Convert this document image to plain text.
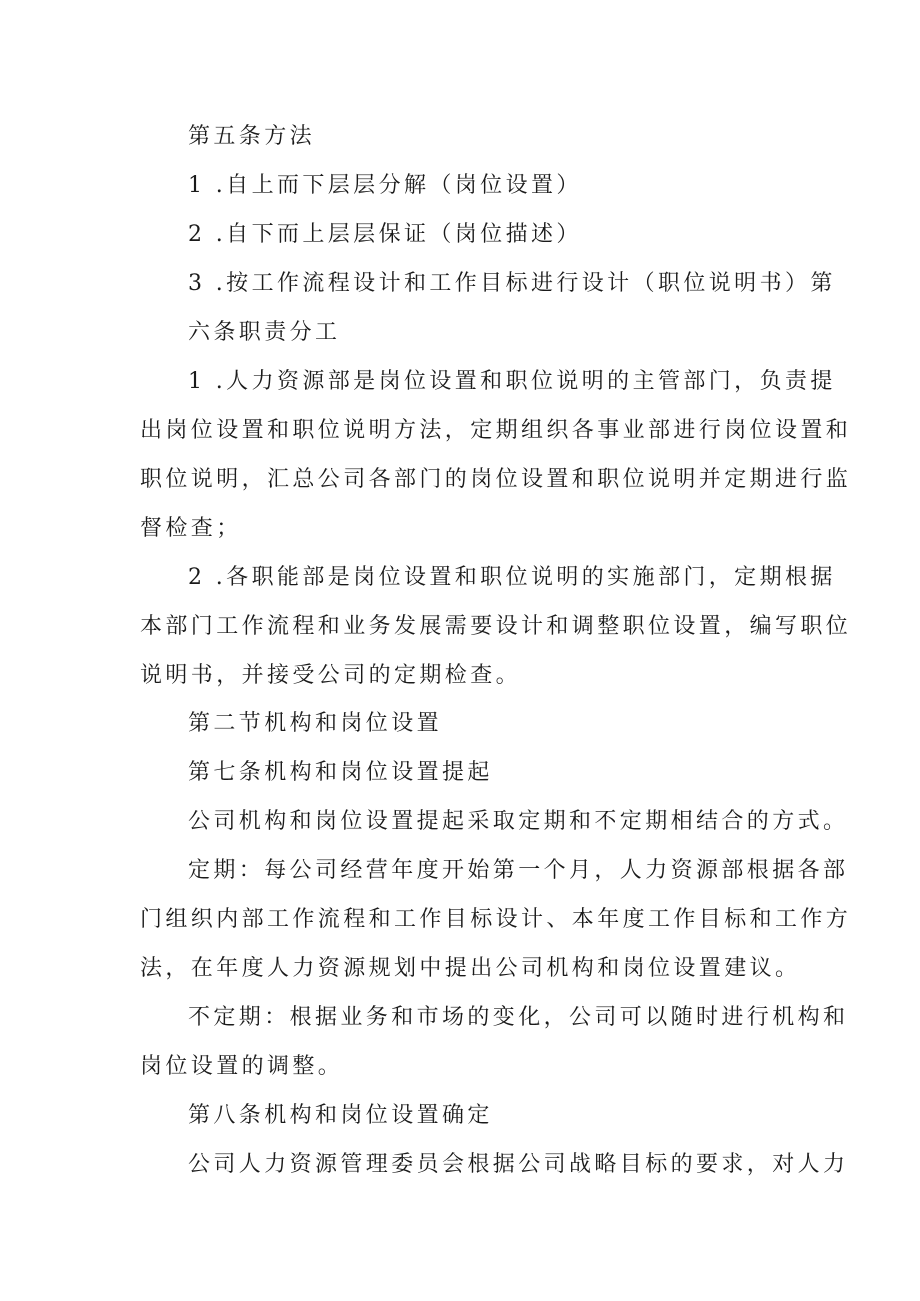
第五条方法
1 .自上而下层层分解（岗位设置）
2 .自下而上层层保证（岗位描述）
3 .按工作流程设计和工作目标进行设计（职位说明书）第
六条职责分工
1 .人力资源部是岗位设置和职位说明的主管部门，负责提
出岗位设置和职位说明方法，定期组织各事业部进行岗位设置和
职位说明，汇总公司各部门的岗位设置和职位说明并定期进行监
督检查；
2 .各职能部是岗位设置和职位说明的实施部门，定期根据
本部门工作流程和业务发展需要设计和调整职位设置，编写职位
说明书，并接受公司的定期检查。
第二节机构和岗位设置
第七条机构和岗位设置提起
公司机构和岗位设置提起采取定期和不定期相结合的方式。
定期：每公司经营年度开始第一个月，人力资源部根据各部
门组织内部工作流程和工作目标设计、本年度工作目标和工作方
法，在年度人力资源规划中提出公司机构和岗位设置建议。
不定期：根据业务和市场的变化，公司可以随时进行机构和
岗位设置的调整。
第八条机构和岗位设置确定
公司人力资源管理委员会根据公司战略目标的要求，对人力
